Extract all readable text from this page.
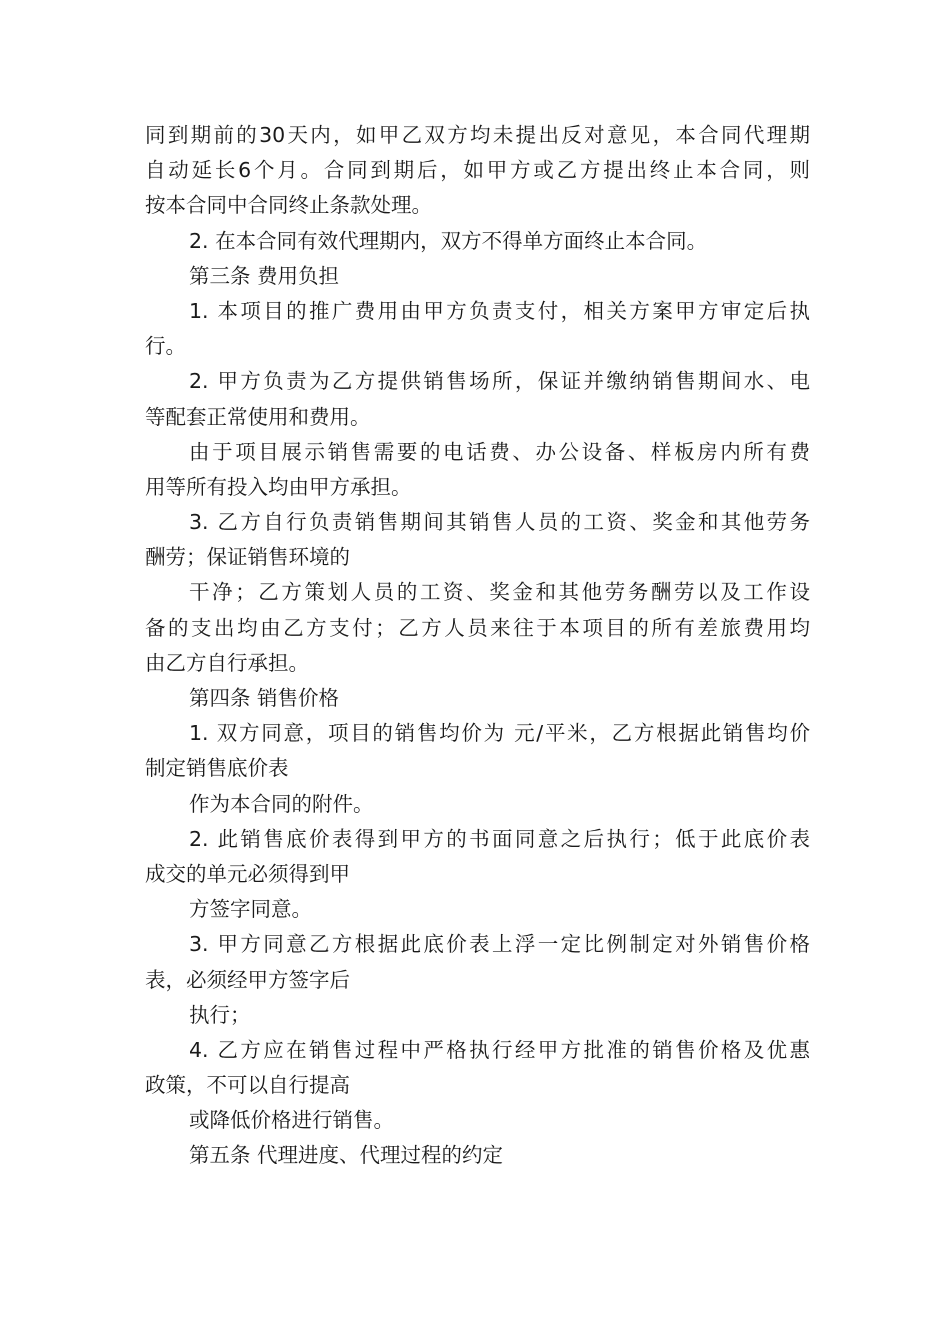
同到期前的30天内，如甲乙双方均未提出反对意见，本合同代理期
自动延长6个月。合同到期后，如甲方或乙方提出终止本合同，则
按本合同中合同终止条款处理。
2. 在本合同有效代理期内，双方不得单方面终止本合同。
第三条 费用负担
1. 本项目的推广费用由甲方负责支付，相关方案甲方审定后执
行。
2. 甲方负责为乙方提供销售场所，保证并缴纳销售期间水、电
等配套正常使用和费用。
由于项目展示销售需要的电话费、办公设备、样板房内所有费
用等所有投入均由甲方承担。
3. 乙方自行负责销售期间其销售人员的工资、奖金和其他劳务
酬劳；保证销售环境的
干净；乙方策划人员的工资、奖金和其他劳务酬劳以及工作设
备的支出均由乙方支付；乙方人员来往于本项目的所有差旅费用均
由乙方自行承担。
第四条 销售价格
1. 双方同意，项目的销售均价为 元/平米，乙方根据此销售均价
制定销售底价表
作为本合同的附件。
2. 此销售底价表得到甲方的书面同意之后执行；低于此底价表
成交的单元必须得到甲
方签字同意。
3. 甲方同意乙方根据此底价表上浮一定比例制定对外销售价格
表，必须经甲方签字后
执行；
4. 乙方应在销售过程中严格执行经甲方批准的销售价格及优惠
政策，不可以自行提高
或降低价格进行销售。
第五条 代理进度、代理过程的约定
